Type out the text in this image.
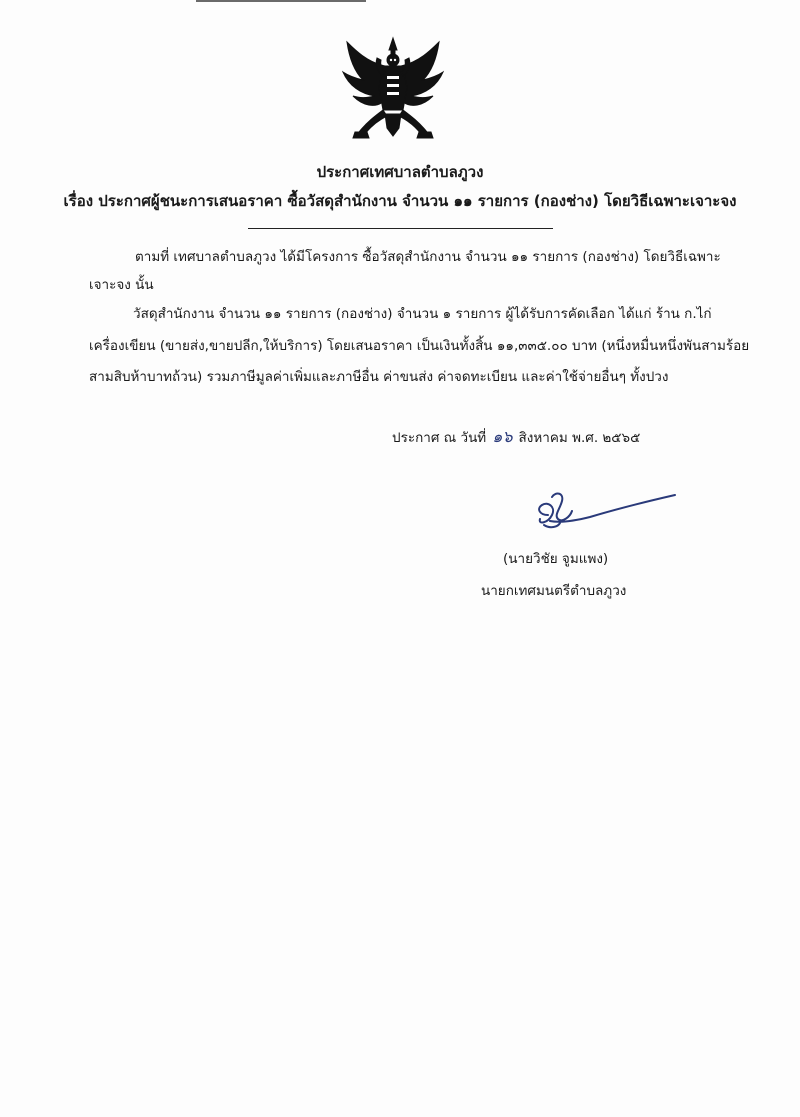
ประกาศเทศบาลตำบลภูวง
เรื่อง ประกาศผู้ชนะการเสนอราคา ซื้อวัสดุสำนักงาน จำนวน ๑๑ รายการ (กองช่าง) โดยวิธีเฉพาะเจาะจง
ตามที่ เทศบาลตำบลภูวง ได้มีโครงการ ซื้อวัสดุสำนักงาน จำนวน ๑๑ รายการ (กองช่าง) โดยวิธีเฉพาะ
เจาะจง นั้น
วัสดุสำนักงาน จำนวน ๑๑ รายการ (กองช่าง) จำนวน ๑ รายการ ผู้ได้รับการคัดเลือก ได้แก่ ร้าน ก.ไก่
เครื่องเขียน (ขายส่ง,ขายปลีก,ให้บริการ) โดยเสนอราคา เป็นเงินทั้งสิ้น ๑๑,๓๓๕.๐๐ บาท (หนึ่งหมื่นหนึ่งพันสามร้อย
สามสิบห้าบาทถ้วน) รวมภาษีมูลค่าเพิ่มและภาษีอื่น ค่าขนส่ง ค่าจดทะเบียน และค่าใช้จ่ายอื่นๆ ทั้งปวง
ประกาศ ณ วันที่ ๑๖ สิงหาคม พ.ศ. ๒๕๖๕
(นายวิชัย จูมแพง)
นายกเทศมนตรีตำบลภูวง
